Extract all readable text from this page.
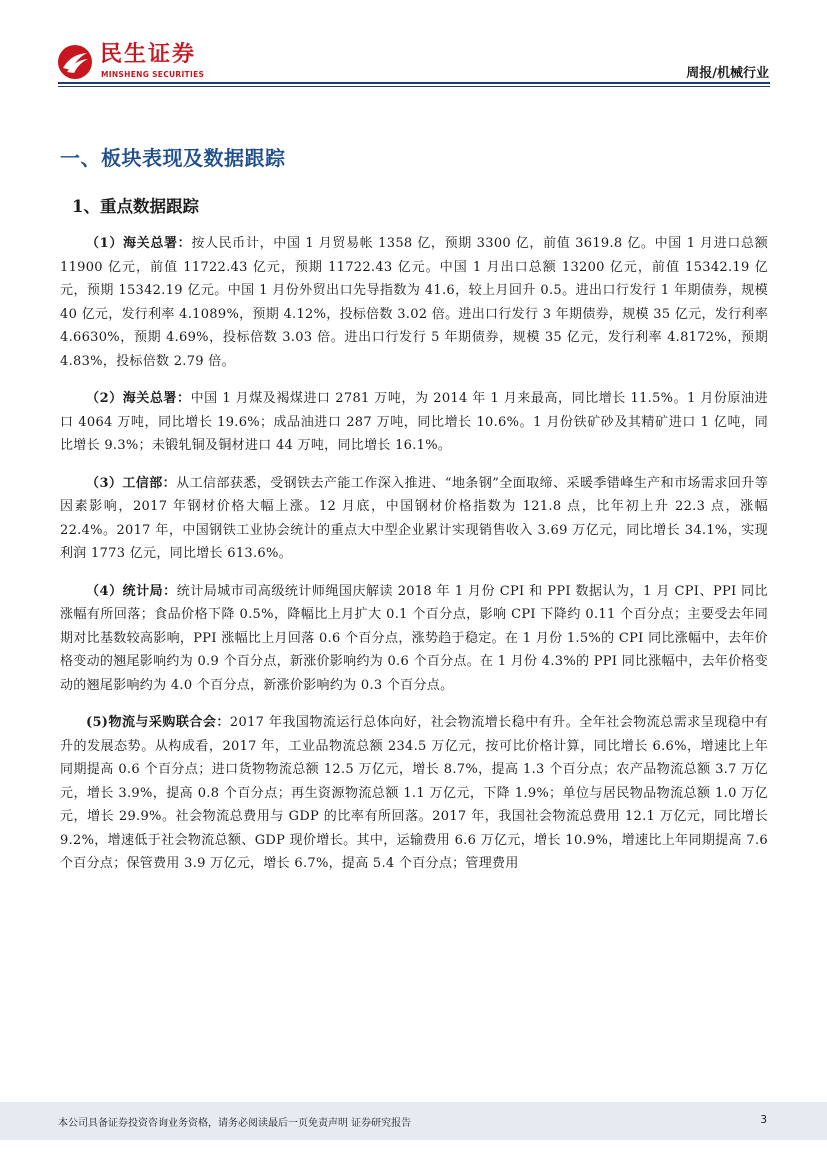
民生证券
MINSHENG SECURITIES	周报/机械行业
一、板块表现及数据跟踪
1、重点数据跟踪

（1）海关总署：按人民币计，中国 1 月贸易帐 1358 亿，预期 3300 亿，前值 3619.8 亿。中国 1 月进口总额 11900 亿元，前值 11722.43 亿元，预期 11722.43 亿元。中国 1 月出口总额 13200 亿元，前值 15342.19 亿元，预期 15342.19 亿元。中国 1 月份外贸出口先导指数为 41.6，较上月回升 0.5。进出口行发行 1 年期债券，规模 40 亿元，发行利率 4.1089%，预期 4.12%，投标倍数 3.02 倍。进出口行发行 3 年期债券，规模 35 亿元，发行利率 4.6630%，预期 4.69%，投标倍数 3.03 倍。进出口行发行 5 年期债券，规模 35 亿元，发行利率 4.8172%，预期 4.83%，投标倍数 2.79 倍。

（2）海关总署：中国 1 月煤及褐煤进口 2781 万吨，为 2014 年 1 月来最高，同比增长 11.5%。1 月份原油进口 4064 万吨，同比增长 19.6%；成品油进口 287 万吨，同比增长 10.6%。1 月份铁矿砂及其精矿进口 1 亿吨，同比增长 9.3%；未锻轧铜及铜材进口 44 万吨，同比增长 16.1%。

（3）工信部：从工信部获悉，受钢铁去产能工作深入推进、“地条钢”全面取缔、采暖季错峰生产和市场需求回升等因素影响，2017 年钢材价格大幅上涨。12 月底，中国钢材价格指数为 121.8 点，比年初上升 22.3 点，涨幅 22.4%。2017 年，中国钢铁工业协会统计的重点大中型企业累计实现销售收入 3.69 万亿元，同比增长 34.1%，实现利润 1773 亿元，同比增长 613.6%。

（4）统计局：统计局城市司高级统计师绳国庆解读 2018 年 1 月份 CPI 和 PPI 数据认为，1 月 CPI、PPI 同比涨幅有所回落；食品价格下降 0.5%，降幅比上月扩大 0.1 个百分点，影响 CPI 下降约 0.11 个百分点；主要受去年同期对比基数较高影响，PPI 涨幅比上月回落 0.6 个百分点，涨势趋于稳定。在 1 月份 1.5%的 CPI 同比涨幅中，去年价格变动的翘尾影响约为 0.9 个百分点，新涨价影响约为 0.6 个百分点。在 1 月份 4.3%的 PPI 同比涨幅中，去年价格变动的翘尾影响约为 4.0 个百分点，新涨价影响约为 0.3 个百分点。

(5)物流与采购联合会：2017 年我国物流运行总体向好，社会物流增长稳中有升。全年社会物流总需求呈现稳中有升的发展态势。从构成看，2017 年，工业品物流总额 234.5 万亿元，按可比价格计算，同比增长 6.6%，增速比上年同期提高 0.6 个百分点；进口货物物流总额 12.5 万亿元，增长 8.7%，提高 1.3 个百分点；农产品物流总额 3.7 万亿元，增长 3.9%，提高 0.8 个百分点；再生资源物流总额 1.1 万亿元，下降 1.9%；单位与居民物品物流总额 1.0 万亿元，增长 29.9%。社会物流总费用与 GDP 的比率有所回落。2017 年，我国社会物流总费用 12.1 万亿元，同比增长 9.2%，增速低于社会物流总额、GDP 现价增长。其中，运输费用 6.6 万亿元，增长 10.9%，增速比上年同期提高 7.6 个百分点；保管费用 3.9 万亿元，增长 6.7%，提高 5.4 个百分点；管理费用

本公司具备证券投资咨询业务资格，请务必阅读最后一页免责声明 证券研究报告	3
